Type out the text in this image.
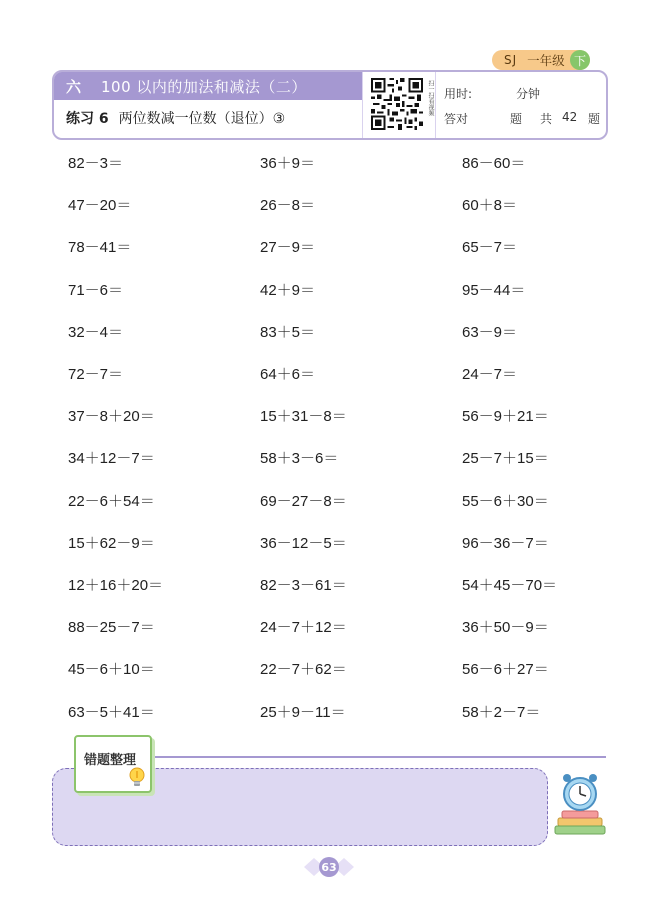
SJ 一年级 下
六 100 以内的加法和减法（二）
练习 6 两位数减一位数（退位）③
扫一扫看视频 用时:	分钟
答对	题 共 42 题
82－3＝
47－20＝
78－41＝
71－6＝
32－4＝
72－7＝
37－8＋20＝
34＋12－7＝
22－6＋54＝
15＋62－9＝
12＋16＋20＝
88－25－7＝
45－6＋10＝
63－5＋41＝
36＋9＝
26－8＝
27－9＝
42＋9＝
83＋5＝
64＋6＝
15＋31－8＝
58＋3－6＝
69－27－8＝
36－12－5＝
82－3－61＝
24－7＋12＝
22－7＋62＝
25＋9－11＝
86－60＝
60＋8＝
65－7＝
95－44＝
63－9＝
24－7＝
56－9＋21＝
25－7＋15＝
55－6＋30＝
96－36－7＝
54＋45－70＝
36＋50－9＝
56－6＋27＝
58＋2－7＝
错题整理
63
